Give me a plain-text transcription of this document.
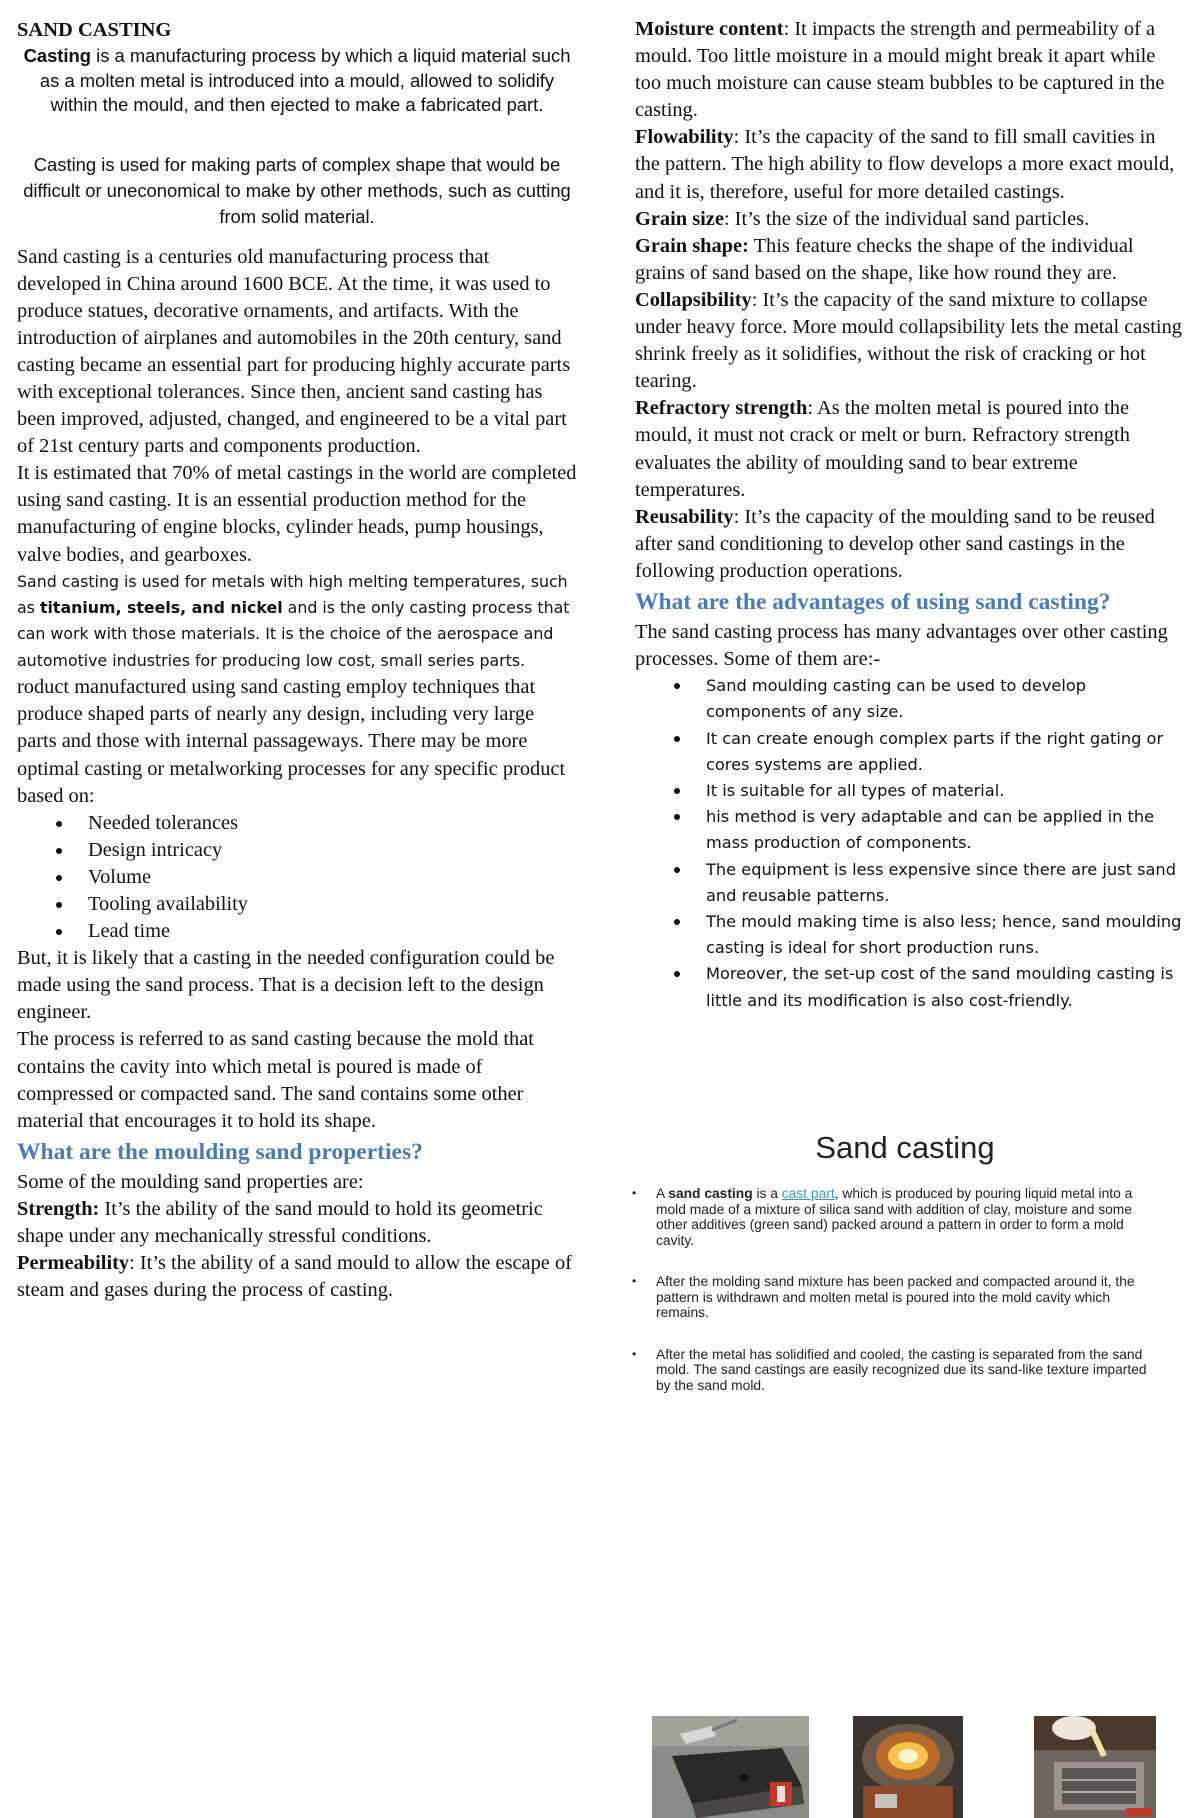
SAND CASTING

Casting is a manufacturing process by which a liquid material such as a molten metal is introduced into a mould, allowed to solidify within the mould, and then ejected to make a fabricated part.

Casting is used for making parts of complex shape that would be difficult or uneconomical to make by other methods, such as cutting from solid material.

Sand casting is a centuries old manufacturing process that developed in China around 1600 BCE. At the time, it was used to produce statues, decorative ornaments, and artifacts. With the introduction of airplanes and automobiles in the 20th century, sand casting became an essential part for producing highly accurate parts with exceptional tolerances. Since then, ancient sand casting has been improved, adjusted, changed, and engineered to be a vital part of 21st century parts and components production.

It is estimated that 70% of metal castings in the world are completed using sand casting. It is an essential production method for the manufacturing of engine blocks, cylinder heads, pump housings, valve bodies, and gearboxes.

Sand casting is used for metals with high melting temperatures, such as titanium, steels, and nickel and is the only casting process that can work with those materials. It is the choice of the aerospace and automotive industries for producing low cost, small series parts.

roduct manufactured using sand casting employ techniques that produce shaped parts of nearly any design, including very large parts and those with internal passageways. There may be more optimal casting or metalworking processes for any specific product based on:

Needed tolerances
Design intricacy
Volume
Tooling availability
Lead time

But, it is likely that a casting in the needed configuration could be made using the sand process. That is a decision left to the design engineer.

The process is referred to as sand casting because the mold that contains the cavity into which metal is poured is made of compressed or compacted sand. The sand contains some other material that encourages it to hold its shape.

What are the moulding sand properties?

Some of the moulding sand properties are:

Strength: It’s the ability of the sand mould to hold its geometric shape under any mechanically stressful conditions.

Permeability: It’s the ability of a sand mould to allow the escape of steam and gases during the process of casting.

Moisture content: It impacts the strength and permeability of a mould. Too little moisture in a mould might break it apart while too much moisture can cause steam bubbles to be captured in the casting.

Flowability: It’s the capacity of the sand to fill small cavities in the pattern. The high ability to flow develops a more exact mould, and it is, therefore, useful for more detailed castings.

Grain size: It’s the size of the individual sand particles.

Grain shape: This feature checks the shape of the individual grains of sand based on the shape, like how round they are.

Collapsibility: It’s the capacity of the sand mixture to collapse under heavy force. More mould collapsibility lets the metal casting shrink freely as it solidifies, without the risk of cracking or hot tearing.

Refractory strength: As the molten metal is poured into the mould, it must not crack or melt or burn. Refractory strength evaluates the ability of moulding sand to bear extreme temperatures.

Reusability: It’s the capacity of the moulding sand to be reused after sand conditioning to develop other sand castings in the following production operations.

What are the advantages of using sand casting?

The sand casting process has many advantages over other casting processes. Some of them are:-

Sand moulding casting can be used to develop components of any size.
It can create enough complex parts if the right gating or cores systems are applied.
It is suitable for all types of material.
his method is very adaptable and can be applied in the mass production of components.
The equipment is less expensive since there are just sand and reusable patterns.
The mould making time is also less; hence, sand moulding casting is ideal for short production runs.
Moreover, the set-up cost of the sand moulding casting is little and its modification is also cost-friendly.

Sand casting

• A sand casting is a cast part, which is produced by pouring liquid metal into a mold made of a mixture of silica sand with addition of clay, moisture and some other additives (green sand) packed around a pattern in order to form a mold cavity.
• After the molding sand mixture has been packed and compacted around it, the pattern is withdrawn and molten metal is poured into the mold cavity which remains.
• After the metal has solidified and cooled, the casting is separated from the sand mold. The sand castings are easily recognized due its sand-like texture imparted by the sand mold.
